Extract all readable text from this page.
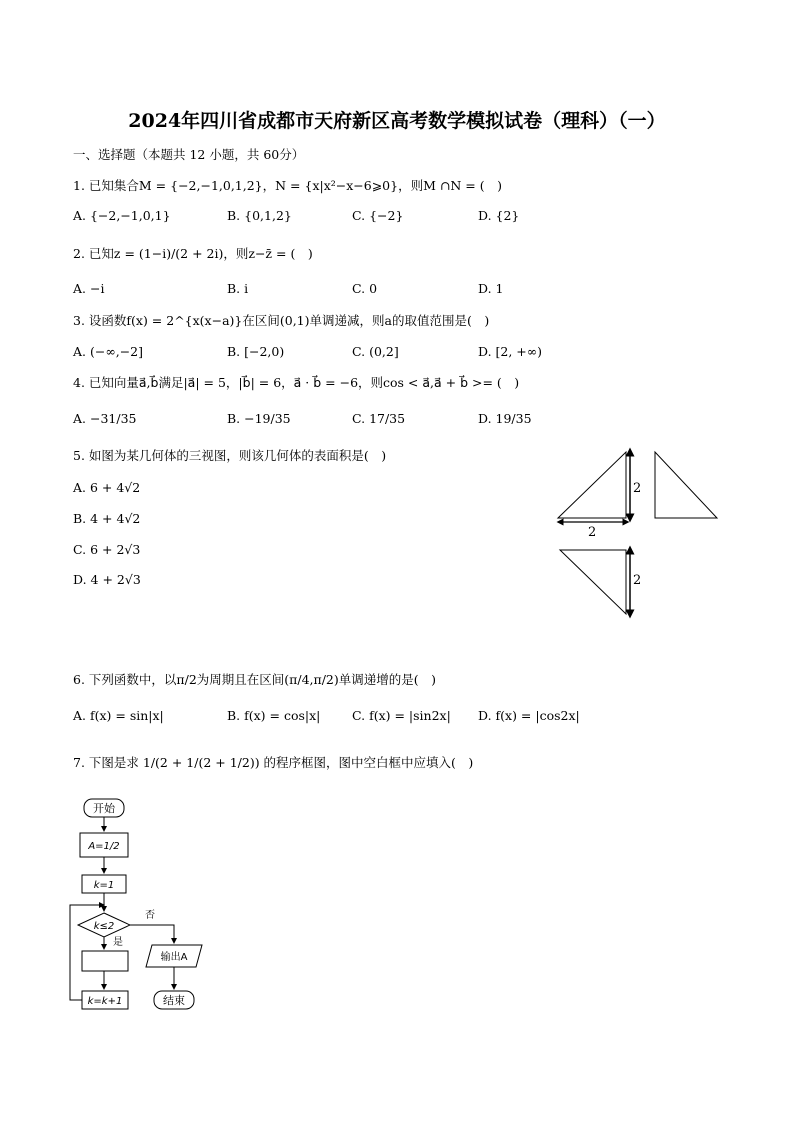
2024年四川省成都市天府新区高考数学模拟试卷（理科）（一）
一、选择题（本题共 12 小题，共 60分）
1. 已知集合M = {−2,−1,0,1,2}，N = {x|x²−x−6⩾0}，则M ∩N = (　)
A. {−2,−1,0,1}	B. {0,1,2}	C. {−2}	D. {2}
2. 已知z = (1−i)/(2 + 2i)，则z−z̄ = (　)
A. −i	B. i	C. 0	D. 1
3. 设函数f(x) = 2^{x(x−a)}在区间(0,1)单调递减，则a的取值范围是(　)
A. (−∞,−2]	B. [−2,0)	C. (0,2]	D. [2, +∞)
4. 已知向量a⃗,b⃗满足|a⃗| = 5，|b⃗| = 6，a⃗ · b⃗ = −6，则cos < a⃗,a⃗ + b⃗ >= (　)
A. −31/35	B. −19/35	C. 17/35	D. 19/35
5. 如图为某几何体的三视图，则该几何体的表面积是(　)
A. 6 + 4√2
B. 4 + 4√2
C. 6 + 2√3
D. 4 + 2√3
2
2
2
6. 下列函数中，以π/2为周期且在区间(π/4,π/2)单调递增的是(　)
A. f(x) = sin|x|	B. f(x) = cos|x|	C. f(x) = |sin2x| D. f(x) = |cos2x|
7. 下图是求 1/(2 + 1/(2 + 1/2)) 的程序框图，图中空白框中应填入(　)
开始
A=1/2
k=1
k≤2
否
是
k=k+1
输出A
结束
